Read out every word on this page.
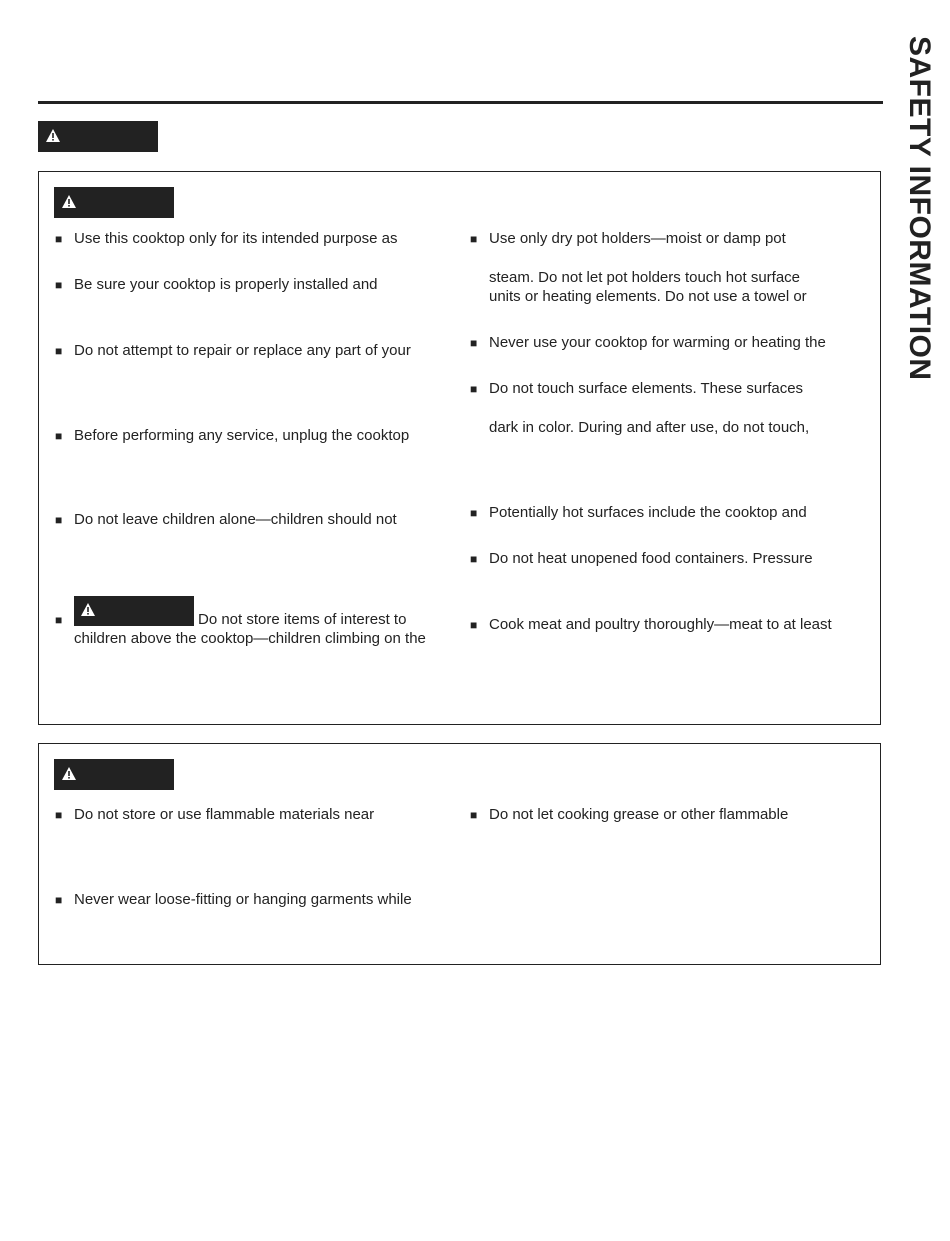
SAFETY INFORMATION
■ Use this cooktop only for its intended purpose as
■ Be sure your cooktop is properly installed and
■ Do not attempt to repair or replace any part of your
■ Before performing any service, unplug the cooktop
■ Do not leave children alone—children should not
■	Do not store items of interest to
children above the cooktop—children climbing on the
■ Use only dry pot holders—moist or damp pot
steam. Do not let pot holders touch hot surface
units or heating elements. Do not use a towel or
■ Never use your cooktop for warming or heating the
■ Do not touch surface elements. These surfaces
dark in color. During and after use, do not touch,
■ Potentially hot surfaces include the cooktop and
■ Do not heat unopened food containers. Pressure
■ Cook meat and poultry thoroughly—meat to at least
■ Do not store or use flammable materials near
■ Never wear loose-fitting or hanging garments while
■ Do not let cooking grease or other flammable
